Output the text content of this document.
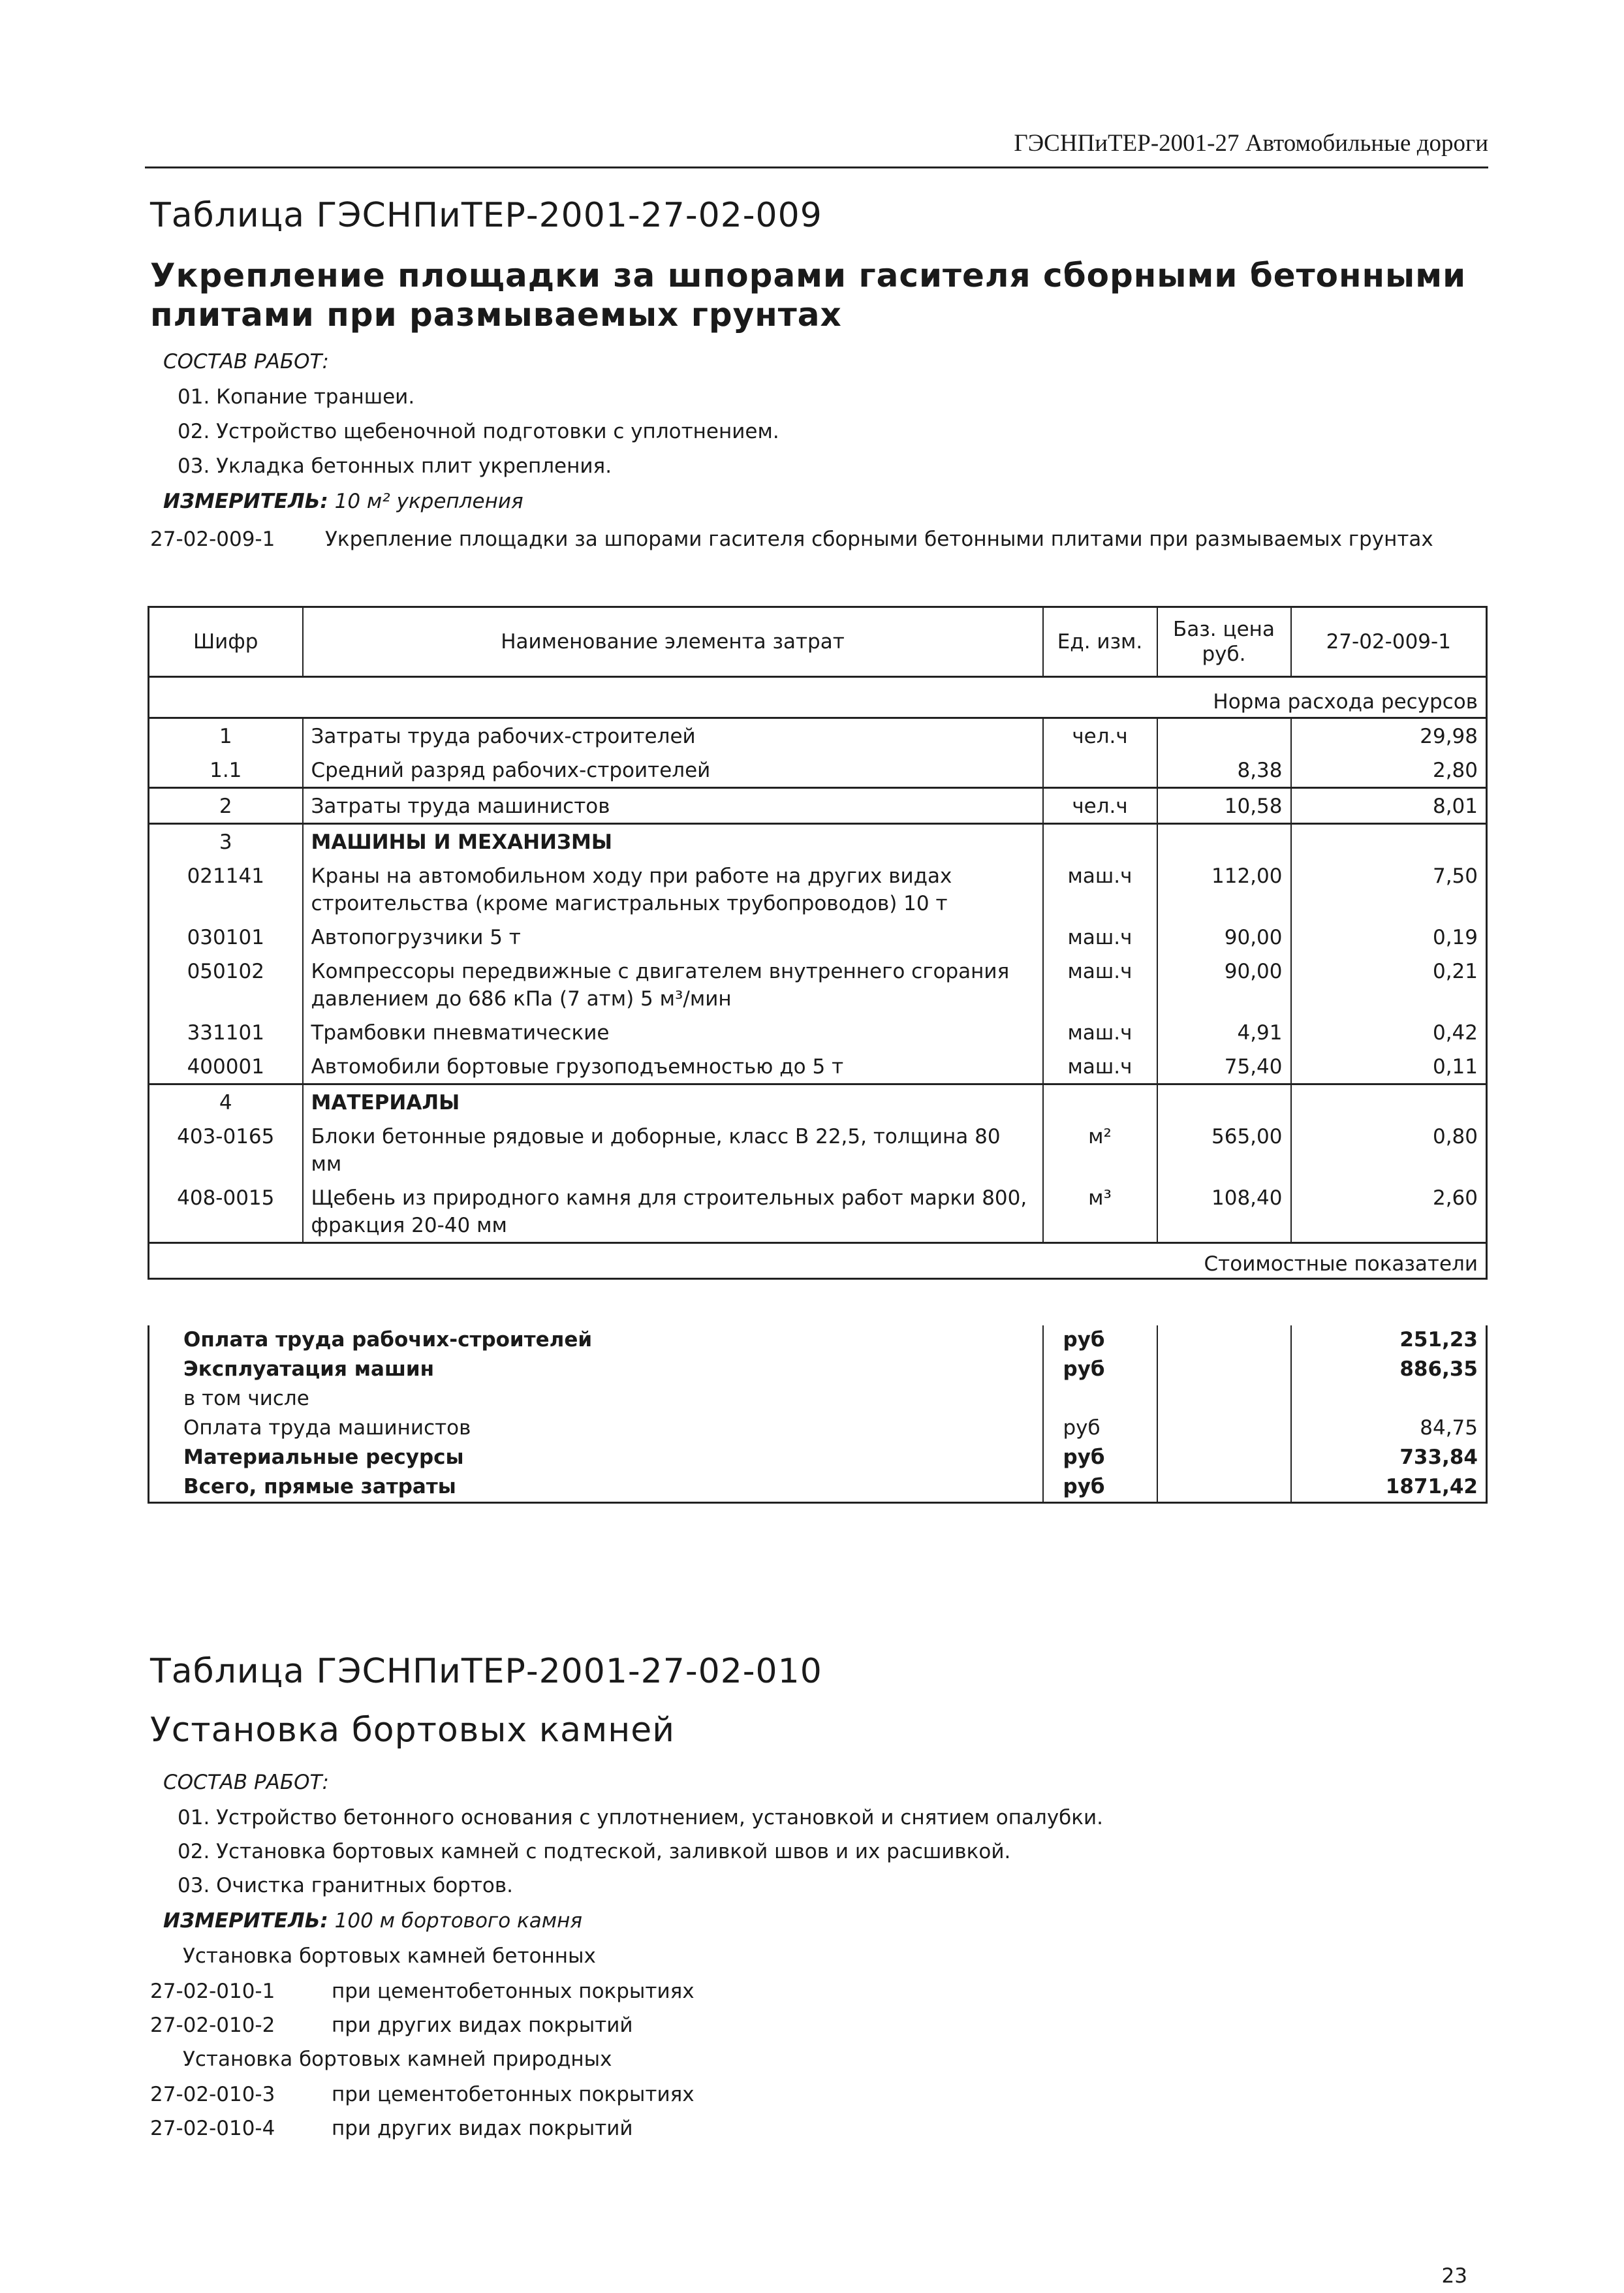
ГЭСНПиТЕР-2001-27 Автомобильные дороги
Таблица ГЭСНПиТЕР-2001-27-02-009
Укрепление площадки за шпорами гасителя сборными бетонными плитами при размываемых грунтах
СОСТАВ РАБОТ:
01. Копание траншеи.
02. Устройство щебеночной подготовки с уплотнением.
03. Укладка бетонных плит укрепления.
ИЗМЕРИТЕЛЬ: 10 м² укрепления
27-02-009-1 Укрепление площадки за шпорами гасителя сборными бетонными плитами при размываемых грунтах
Шифр	Наименование элемента затрат	Ед. изм.	Баз. цена руб.	27-02-009-1
Норма расхода ресурсов				
1	Затраты труда рабочих-строителей	чел.ч		29,98
1.1	Средний разряд рабочих-строителей		8,38	2,80
2	Затраты труда машинистов	чел.ч	10,58	8,01
3	МАШИНЫ И МЕХАНИЗМЫ			
021141	Краны на автомобильном ходу при работе на других видах строительства (кроме магистральных трубопроводов) 10 т	маш.ч	112,00	7,50
030101	Автопогрузчики 5 т	маш.ч	90,00	0,19
050102	Компрессоры передвижные с двигателем внутреннего сгорания давлением до 686 кПа (7 атм) 5 м³/мин	маш.ч	90,00	0,21
331101	Трамбовки пневматические	маш.ч	4,91	0,42
400001	Автомобили бортовые грузоподъемностью до 5 т	маш.ч	75,40	0,11
4	МАТЕРИАЛЫ			
403-0165	Блоки бетонные рядовые и доборные, класс В 22,5, толщина 80 мм	м²	565,00	0,80
408-0015	Щебень из природного камня для строительных работ марки 800, фракция 20-40 мм	м³	108,40	2,60
Стоимостные показатели				
Оплата труда рабочих-строителей	руб		251,23
Эксплуатация машин	руб		886,35
в том числе			
Оплата труда машинистов	руб		84,75
Материальные ресурсы	руб		733,84
Всего, прямые затраты	руб		1871,42
Таблица ГЭСНПиТЕР-2001-27-02-010
Установка бортовых камней
СОСТАВ РАБОТ:
01. Устройство бетонного основания с уплотнением, установкой и снятием опалубки.
02. Установка бортовых камней с подтеской, заливкой швов и их расшивкой.
03. Очистка гранитных бортов.
ИЗМЕРИТЕЛЬ: 100 м бортового камня
Установка бортовых камней бетонных
27-02-010-1	при цементобетонных покрытиях
27-02-010-2	при других видах покрытий
Установка бортовых камней природных
27-02-010-3	при цементобетонных покрытиях
27-02-010-4	при других видах покрытий
23
